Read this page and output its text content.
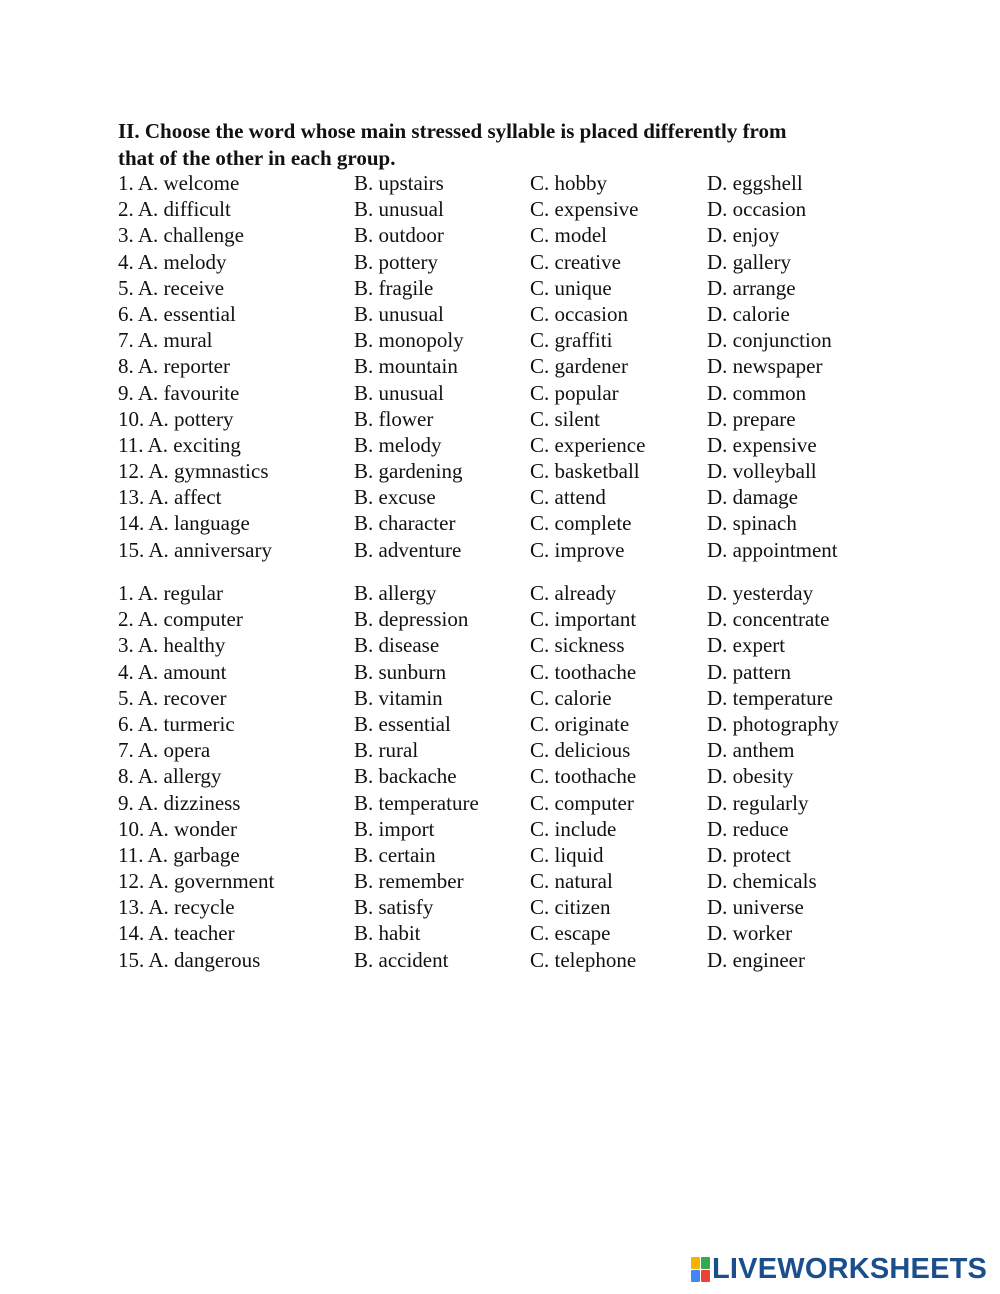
II. Choose the word whose main stressed syllable is placed differently from
that of the other in each group.
1. A. welcome	B. upstairs	C. hobby	D. eggshell
2. A. difficult	B. unusual	C. expensive	D. occasion
3. A. challenge	B. outdoor	C. model	D. enjoy
4. A. melody	B. pottery	C. creative	D. gallery
5. A. receive	B. fragile	C. unique	D. arrange
6. A. essential	B. unusual	C. occasion	D. calorie
7. A. mural	B. monopoly	C. graffiti	D. conjunction
8. A. reporter	B. mountain	C. gardener	D. newspaper
9. A. favourite	B. unusual	C. popular	D. common
10. A. pottery	B. flower	C. silent	D. prepare
11. A. exciting	B. melody	C. experience	D. expensive
12. A. gymnastics	B. gardening	C. basketball	D. volleyball
13. A. affect	B. excuse	C. attend	D. damage
14. A. language	B. character	C. complete	D. spinach
15. A. anniversary	B. adventure	C. improve	D. appointment
1. A. regular	B. allergy	C. already	D. yesterday
2. A. computer	B. depression	C. important	D. concentrate
3. A. healthy	B. disease	C. sickness	D. expert
4. A. amount	B. sunburn	C. toothache	D. pattern
5. A. recover	B. vitamin	C. calorie	D. temperature
6. A. turmeric	B. essential	C. originate	D. photography
7. A. opera	B. rural	C. delicious	D. anthem
8. A. allergy	B. backache	C. toothache	D. obesity
9. A. dizziness	B. temperature	C. computer	D. regularly
10. A. wonder	B. import	C. include	D. reduce
11. A. garbage	B. certain	C. liquid	D. protect
12. A. government	B. remember	C. natural	D. chemicals
13. A. recycle	B. satisfy	C. citizen	D. universe
14. A. teacher	B. habit	C. escape	D. worker
15. A. dangerous	B. accident	C. telephone	D. engineer
LIVEWORKSHEETS
